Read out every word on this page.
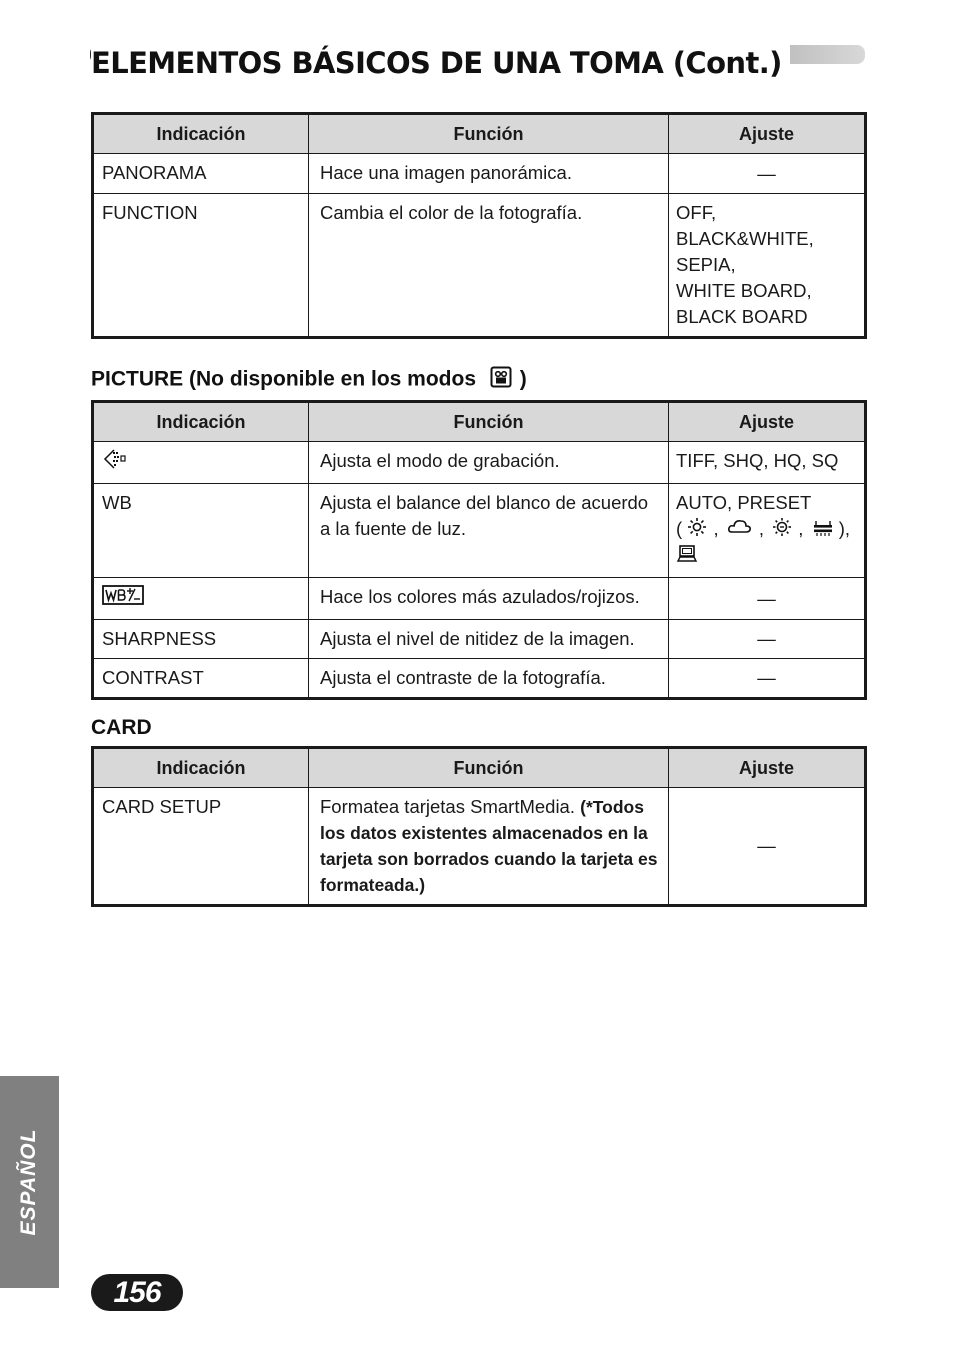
ELEMENTOS BÁSICOS DE UNA TOMA (Cont.)
Indicación	Función	Ajuste
PANORAMA	Hace una imagen panorámica.	—
FUNCTION	Cambia el color de la fotografía.	OFF,
BLACK&WHITE,
SEPIA,
WHITE BOARD,
BLACK BOARD
PICTURE (No disponible en los modos )
Indicación	Función	Ajuste
	Ajusta el modo de grabación.	TIFF, SHQ, HQ, SQ
WB	Ajusta el balance del blanco de acuerdo a la fuente de luz.	AUTO, PRESET
( , , , ),

	Hace los colores más azulados/rojizos.	—
SHARPNESS	Ajusta el nivel de nitidez de la imagen.	—
CONTRAST	Ajusta el contraste de la fotografía.	—
CARD
Indicación	Función	Ajuste
CARD SETUP	Formatea tarjetas SmartMedia. (*Todos los datos existentes almacenados en la tarjeta son borrados cuando la tarjeta es formateada.)	—
ESPAÑOL
156
